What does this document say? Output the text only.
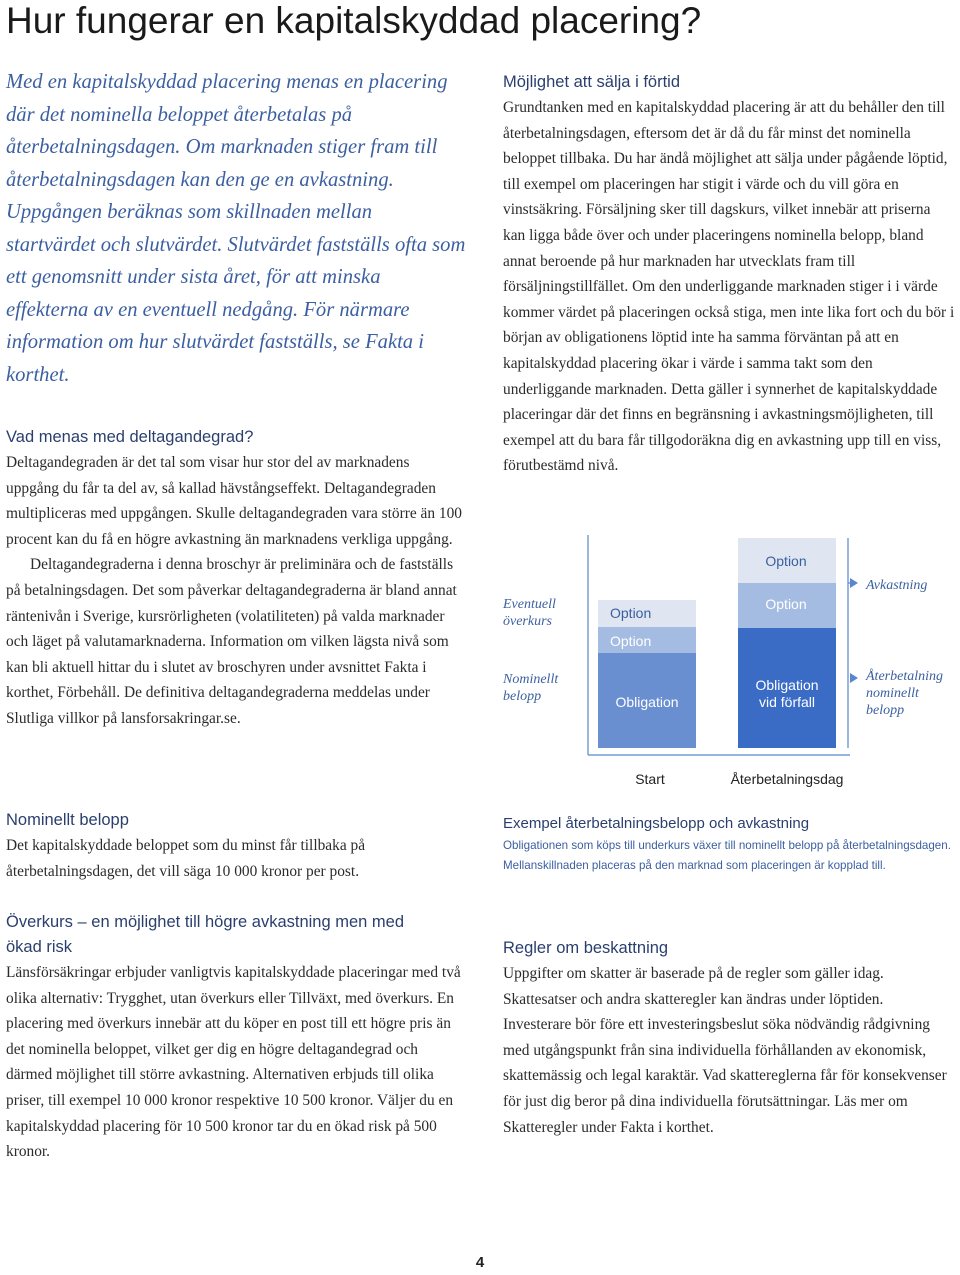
Hur fungerar en kapitalskyddad placering?

Med en kapitalskyddad placering menas en placering där det nominella beloppet återbetalas på återbetalningsdagen. Om marknaden stiger fram till återbetalningsdagen kan den ge en avkastning. Uppgången beräknas som skillnaden mellan startvärdet och slutvärdet. Slutvärdet fastställs ofta som ett genomsnitt under sista året, för att minska effekterna av en eventuell nedgång. För närmare information om hur slutvärdet fastställs, se Fakta i korthet.

Vad menas med deltagandegrad?

Deltagandegraden är det tal som visar hur stor del av marknadens uppgång du får ta del av, så kallad hävstångseffekt. Deltagandegraden multipliceras med uppgången. Skulle deltagandegraden vara större än 100 procent kan du få en högre avkastning än marknadens verkliga uppgång.

Deltagandegraderna i denna broschyr är preliminära och de fastställs på betalningsdagen. Det som påverkar deltagandegraderna är bland annat räntenivån i Sverige, kursrörligheten (volatiliteten) på valda marknader och läget på valutamarknaderna. Information om vilken lägsta nivå som kan bli aktuell hittar du i slutet av broschyren under avsnittet Fakta i korthet, Förbehåll. De definitiva deltagandegraderna meddelas under Slutliga villkor på lansforsakringar.se.

Nominellt belopp

Det kapitalskyddade beloppet som du minst får tillbaka på återbetalningsdagen, det vill säga 10 000 kronor per post.

Överkurs – en möjlighet till högre avkastning men med ökad risk

Länsförsäkringar erbjuder vanligtvis kapitalskyddade placeringar med två olika alternativ: Trygghet, utan överkurs eller Tillväxt, med överkurs. En placering med överkurs innebär att du köper en post till ett högre pris än det nominella beloppet, vilket ger dig en högre deltagandegrad och därmed möjlighet till större avkastning. Alternativen erbjuds till olika priser, till exempel 10 000 kronor respektive 10 500 kronor. Väljer du en kapitalskyddad placering för 10 500 kronor tar du en ökad risk på 500 kronor.

Möjlighet att sälja i förtid

Grundtanken med en kapitalskyddad placering är att du behåller den till återbetalningsdagen, eftersom det är då du får minst det nominella beloppet tillbaka. Du har ändå möjlighet att sälja under pågående löptid, till exempel om placeringen har stigit i värde och du vill göra en vinstsäkring. Försäljning sker till dagskurs, vilket innebär att priserna kan ligga både över och under placeringens nominella belopp, bland annat beroende på hur marknaden har utvecklats fram till försäljningstillfället. Om den underliggande marknaden stiger i i värde kommer värdet på placeringen också stiga, men inte lika fort och du bör i början av obligationens löptid inte ha samma förväntan på att en kapitalskyddad placering ökar i värde i samma takt som den underliggande marknaden. Detta gäller i synnerhet de kapitalskyddade placeringar där det finns en begränsning i avkastningsmöjligheten, till exempel att du bara får tillgodoräkna dig en avkastning upp till en viss, förutbestämd nivå.

Option
Option
Obligation
Start
Option
Option
Obligation
vid förfall
Återbetalningsdag
Eventuell
överkurs
Nominellt
belopp
Avkastning
Återbetalning
nominellt
belopp
Exempel återbetalningsbelopp och avkastning
Obligationen som köps till underkurs växer till nominellt belopp på återbetalningsdagen. Mellanskillnaden placeras på den marknad som placeringen är kopplad till.
Regler om beskattning

Uppgifter om skatter är baserade på de regler som gäller idag. Skattesatser och andra skatteregler kan ändras under löptiden. Investerare bör före ett investeringsbeslut söka nödvändig rådgivning med utgångspunkt från sina individuella förhållanden av ekonomisk, skattemässig och legal karaktär. Vad skattereglerna får för konsekvenser för just dig beror på dina individuella förutsättningar. Läs mer om Skatteregler under Fakta i korthet.

4
